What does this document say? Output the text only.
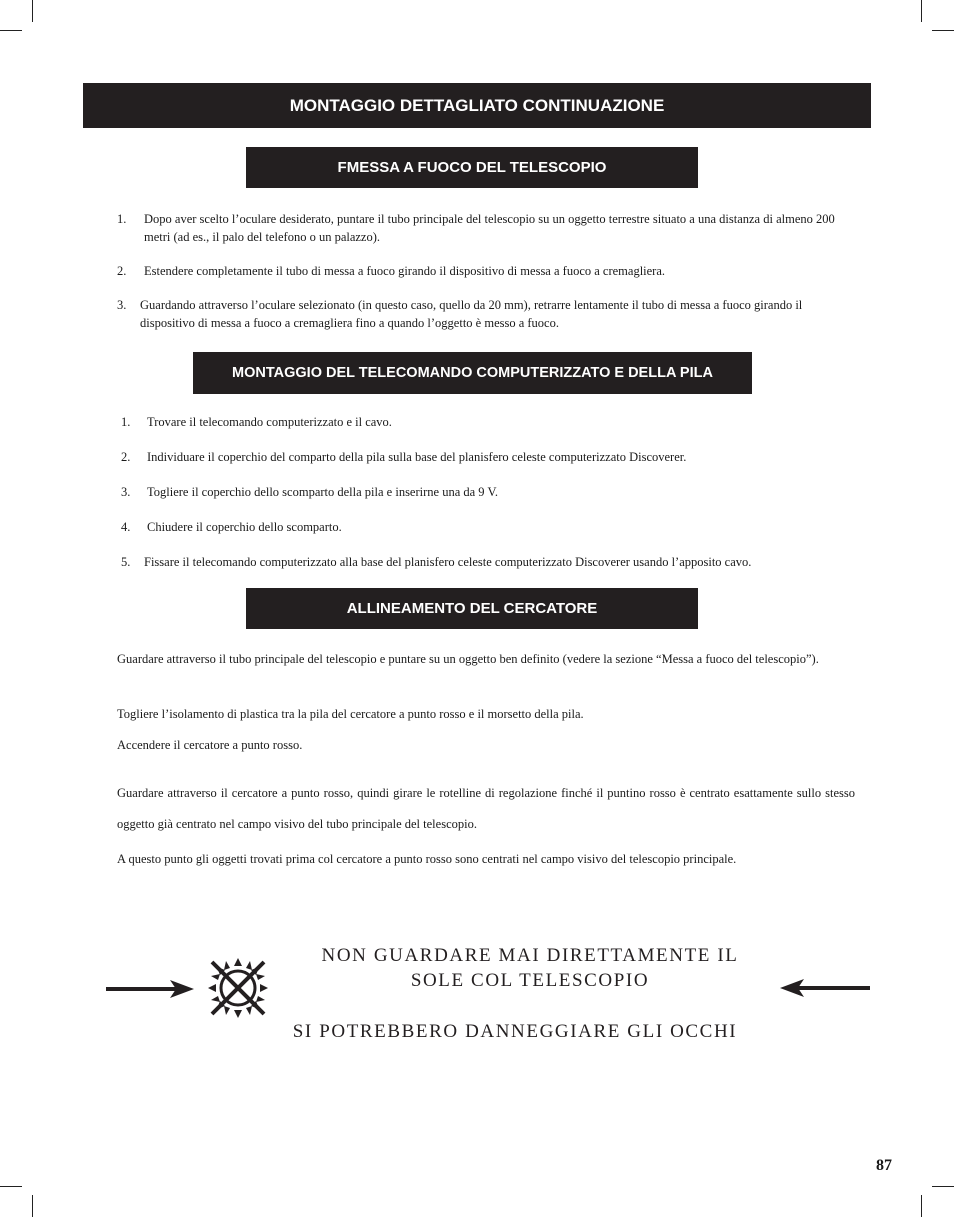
MONTAGGIO DETTAGLIATO CONTINUAZIONE
FMESSA A FUOCO DEL TELESCOPIO
1. Dopo aver scelto l’oculare desiderato, puntare il tubo principale del telescopio su un oggetto terrestre situato a una distanza di almeno 200 metri (ad es., il palo del telefono o un palazzo).
2. Estendere completamente il tubo di messa a fuoco girando il dispositivo di messa a fuoco a cremagliera.
3. Guardando attraverso l’oculare selezionato (in questo caso, quello da 20 mm), retrarre lentamente il tubo di messa a fuoco girando il dispositivo di messa a fuoco a cremagliera fino a quando l’oggetto è messo a fuoco.
MONTAGGIO DEL TELECOMANDO COMPUTERIZZATO E DELLA PILA
1. Trovare il telecomando computerizzato e il cavo.
2. Individuare il coperchio del comparto della pila sulla base del planisfero celeste computerizzato Discoverer.
3. Togliere il coperchio dello scomparto della pila e inserirne una da 9 V.
4. Chiudere il coperchio dello scomparto.
5. Fissare il telecomando computerizzato alla base del planisfero celeste computerizzato Discoverer usando l’apposito cavo.
ALLINEAMENTO DEL CERCATORE

Guardare attraverso il tubo principale del telescopio e puntare su un oggetto ben definito (vedere la sezione “Messa a fuoco del telescopio”).

Togliere l’isolamento di plastica tra la pila del cercatore a punto rosso e il morsetto della pila.

Accendere il cercatore a punto rosso.

Guardare attraverso il cercatore a punto rosso, quindi girare le rotelline di regolazione finché il puntino rosso è centrato esattamente sullo stesso oggetto già centrato nel campo visivo del tubo principale del telescopio.

A questo punto gli oggetti trovati prima col cercatore a punto rosso sono centrati nel campo visivo del telescopio principale.

NON GUARDARE MAI DIRETTAMENTE IL

SOLE COL TELESCOPIO

SI POTREBBERO DANNEGGIARE GLI OCCHI

87
